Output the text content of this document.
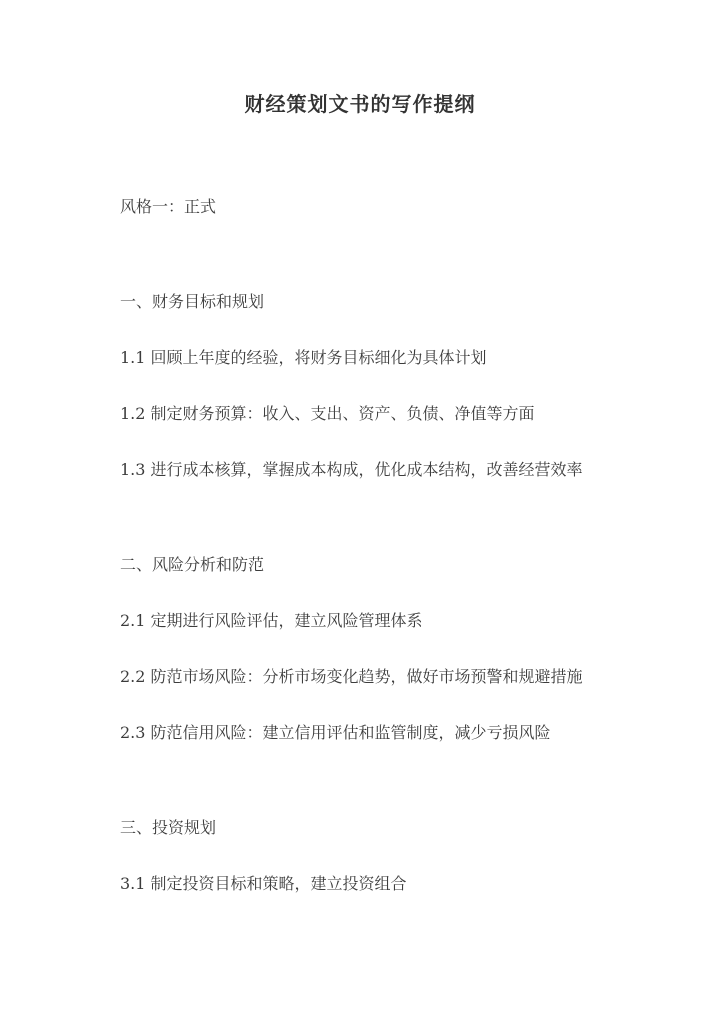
财经策划文书的写作提纲

风格一：正式

一、财务目标和规划

1.1 回顾上年度的经验，将财务目标细化为具体计划

1.2 制定财务预算：收入、支出、资产、负债、净值等方面

1.3 进行成本核算，掌握成本构成，优化成本结构，改善经营效率

二、风险分析和防范

2.1 定期进行风险评估，建立风险管理体系

2.2 防范市场风险：分析市场变化趋势，做好市场预警和规避措施

2.3 防范信用风险：建立信用评估和监管制度，减少亏损风险

三、投资规划

3.1 制定投资目标和策略，建立投资组合
